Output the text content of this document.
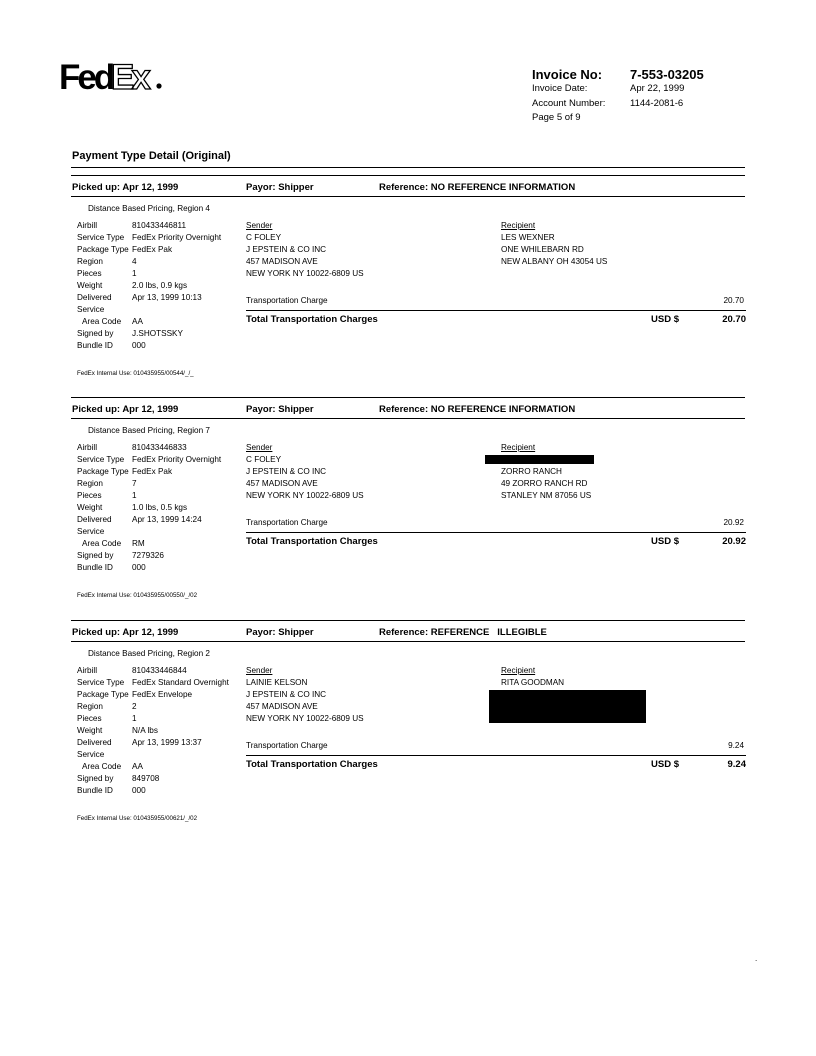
Fed
Ex	Invoice No: 7-553-03205
Invoice Date:	Apr 22, 1999
Account Number:	1144-2081-6
Page 5 of 9
Payment Type Detail (Original)
Picked up: Apr 12, 1999	Payor: Shipper	Reference: NO REFERENCE INFORMATION
Distance Based Pricing, Region 4
Airbill	810433446811
Service Type FedEx Priority Overnight
Package Type FedEx Pak
Region	4
Pieces	1
Weight	2.0 lbs, 0.9 kgs
Delivered Apr 13, 1999 10:13
Service
Area Code AA
Signed by J.SHOTSSKY
Bundle ID 000
Sender
C FOLEY
J EPSTEIN & CO INC
457 MADISON AVE
NEW YORK NY 10022-6809 US
Recipient
LES WEXNER
ONE WHILEBARN RD
NEW ALBANY OH 43054 US
Transportation Charge	20.70
Total Transportation Charges	USD $	20.70
FedEx Internal Use: 010435955/00544/_/_
Picked up: Apr 12, 1999	Payor: Shipper	Reference: NO REFERENCE INFORMATION
Distance Based Pricing, Region 7
Airbill	810433446833
Service Type FedEx Priority Overnight
Package Type FedEx Pak
Region	7
Pieces	1
Weight	1.0 lbs, 0.5 kgs
Delivered Apr 13, 1999 14:24
Service
Area Code RM
Signed by 7279326
Bundle ID 000
Sender
C FOLEY
J EPSTEIN & CO INC
457 MADISON AVE
NEW YORK NY 10022-6809 US
Recipient
ZORRO RANCH
49 ZORRO RANCH RD
STANLEY NM 87056 US
Transportation Charge	20.92
Total Transportation Charges	USD $	20.92
FedEx Internal Use: 010435955/00550/_/02
Picked up: Apr 12, 1999	Payor: Shipper	Reference: REFERENCE   ILLEGIBLE
Distance Based Pricing, Region 2
Airbill	810433446844
Service Type FedEx Standard Overnight
Package Type FedEx Envelope
Region	2
Pieces	1
Weight	N/A lbs
Delivered Apr 13, 1999 13:37
Service
Area Code AA
Signed by 849708
Bundle ID 000
Sender
LAINIE KELSON
J EPSTEIN & CO INC
457 MADISON AVE
NEW YORK NY 10022-6809 US
Recipient
RITA GOODMAN
Transportation Charge	9.24
Total Transportation Charges	USD $	9.24
FedEx Internal Use: 010435955/00621/_/02
.
